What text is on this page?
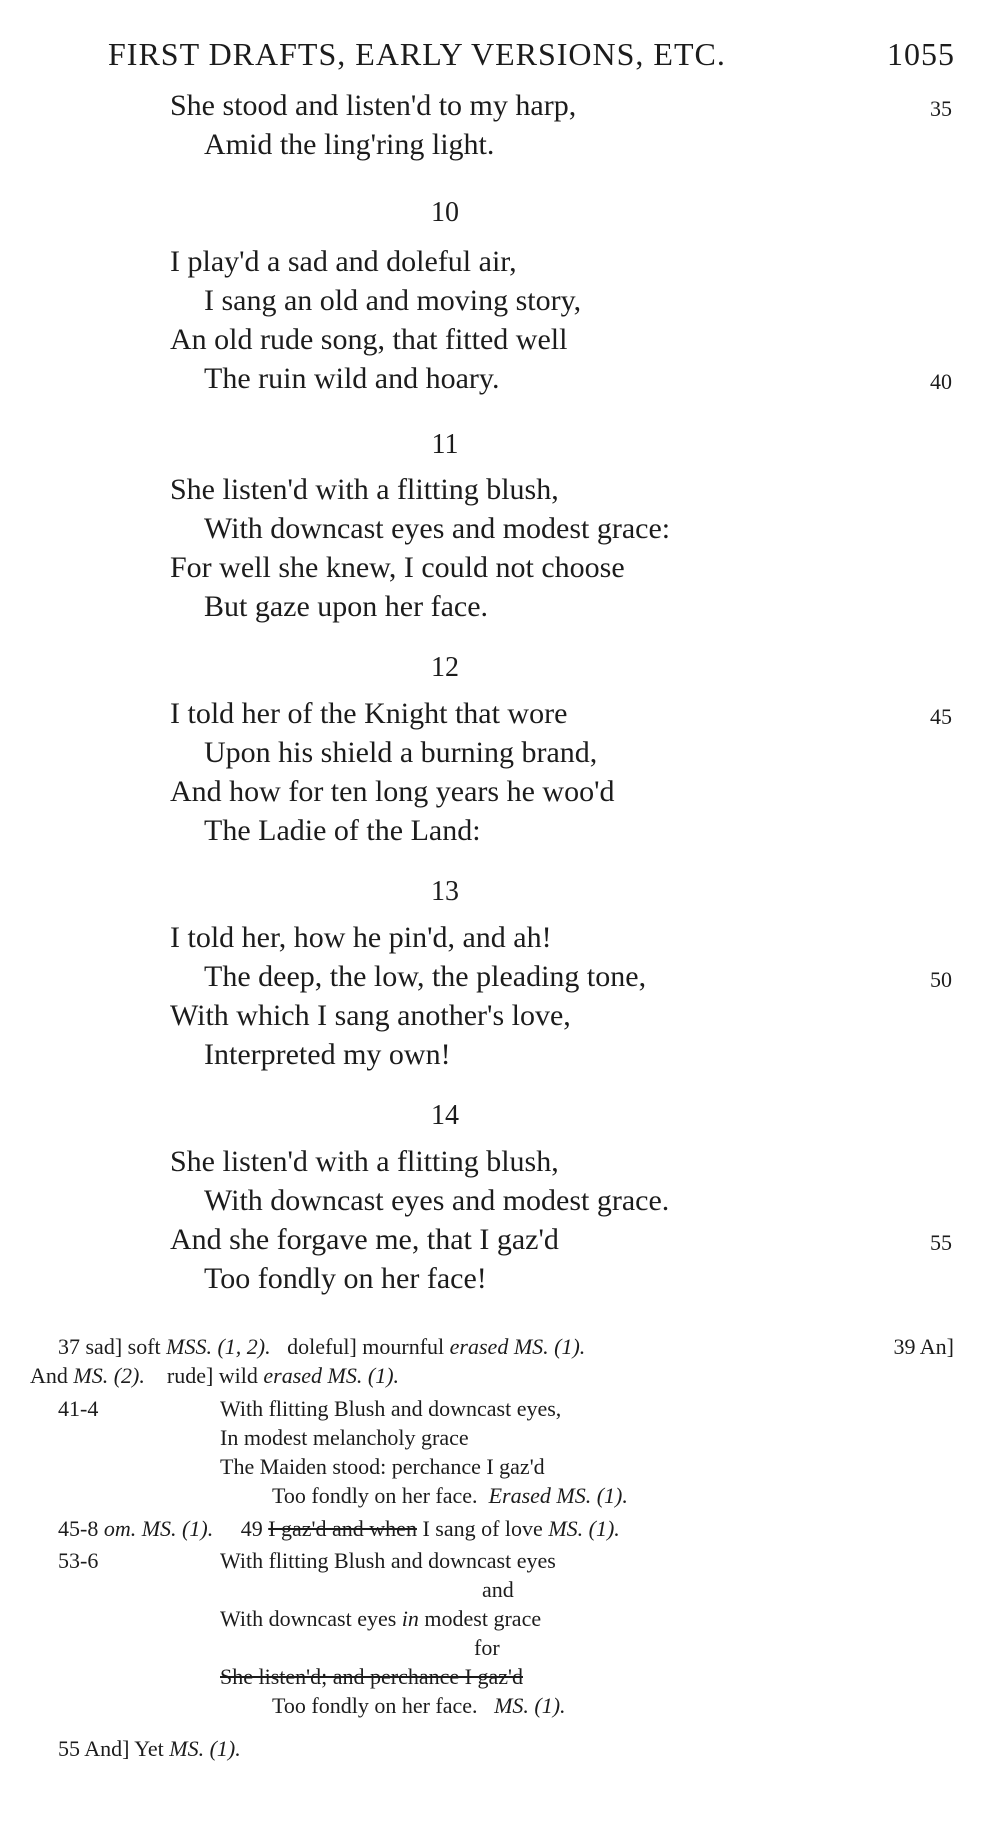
FIRST DRAFTS, EARLY VERSIONS, ETC.	1055
She stood and listen'd to my harp,	35
Amid the ling'ring light.
10
I play'd a sad and doleful air,
I sang an old and moving story,
An old rude song, that fitted well
The ruin wild and hoary.	40
11
She listen'd with a flitting blush,
With downcast eyes and modest grace:
For well she knew, I could not choose
But gaze upon her face.
12
I told her of the Knight that wore	45
Upon his shield a burning brand,
And how for ten long years he woo'd
The Ladie of the Land:
13
I told her, how he pin'd, and ah!
The deep, the low, the pleading tone,	50
With which I sang another's love,
Interpreted my own!
14
She listen'd with a flitting blush,
With downcast eyes and modest grace.
And she forgave me, that I gaz'd	55
Too fondly on her face!
37 sad] soft MSS. (1, 2). doleful] mournful erased MS. (1).	39 An]
And MS. (2). rude] wild erased MS. (1).
41-4	With flitting Blush and downcast eyes,
In modest melancholy grace
The Maiden stood: perchance I gaz'd
Too fondly on her face. Erased MS. (1).
45-8 om. MS. (1). 49 I gaz'd and when I sang of love MS. (1).
53-6	With flitting Blush and downcast eyes
and
With downcast eyes in modest grace
for
She listen'd; and perchance I gaz'd
Too fondly on her face. MS. (1).
55 And] Yet MS. (1).
